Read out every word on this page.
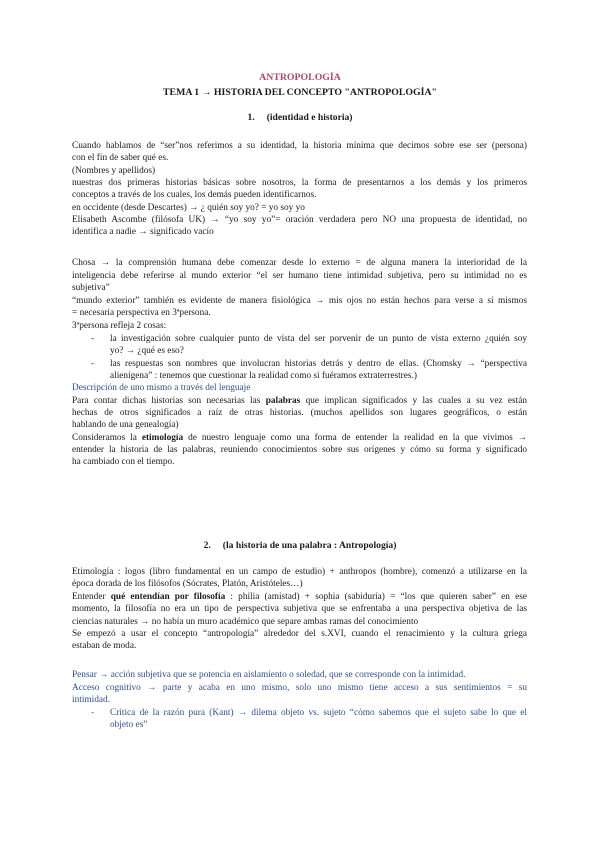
ANTROPOLOGÍA

TEMA 1 → HISTORIA DEL CONCEPTO "ANTROPOLOGÍA"

1. (identidad e historia)

Cuando hablamos de “ser”nos referimos a su identidad, la historia mínima que decimos sobre ese ser (persona)

con el fin de saber qué es.

(Nombres y apellidos)

nuestras dos primeras historias básicas sobre nosotros, la forma de presentarnos a los demás y los primeros

conceptos a través de los cuales, los demás pueden identificarnos.

en occidente (desde Descartes) → ¿ quién soy yo? = yo soy yo

Elisabeth Ascombe (filósofa UK) → “yo soy yo”= oración verdadera pero NO una propuesta de identidad, no

identifica a nadie → significado vacío

Chosa → la comprensión humana debe comenzar desde lo externo = de alguna manera la interioridad de la

inteligencia debe referirse al mundo exterior “el ser humano tiene intimidad subjetiva, pero su intimidad no es

subjetiva”

“mundo exterior” también es evidente de manera fisiológica → mis ojos no están hechos para verse a sí mismos

= necesaria perspectiva en 3ªpersona.

3ªpersona refleja 2 cosas:

- la investigación sobre cualquier punto de vista del ser porvenir de un punto de vista externo ¿quién soy

yo? → ¿qué es eso?

- las respuestas son nombres que involucran historias detrás y dentro de ellas. (Chomsky → “perspectiva

alienígena” : tenemos que cuestionar la realidad como si fuéramos extraterrestres.)

Descripción de uno mismo a través del lenguaje

Para contar dichas historias son necesarias las palabras que implican significados y las cuales a su vez están

hechas de otros significados a raíz de otras historias. (muchos apellidos son lugares geográficos, o están

hablando de una genealogía)

Consideramos la etimología de nuestro lenguaje como una forma de entender la realidad en la que vivimos →

entender la historia de las palabras, reuniendo conocimientos sobre sus orígenes y cómo su forma y significado

ha cambiado con el tiempo.

2. (la historia de una palabra : Antropología)

Etimología : logos (libro fundamental en un campo de estudio) + anthropos (hombre), comenzó a utilizarse en la

época dorada de los filósofos (Sócrates, Platón, Aristóteles…)

Entender qué entendían por filosofía : philia (amistad) + sophia (sabiduría) = “los que quieren saber” en ese

momento, la filosofía no era un tipo de perspectiva subjetiva que se enfrentaba a una perspectiva objetiva de las

ciencias naturales → no había un muro académico que separe ambas ramas del conocimiento

Se empezó a usar el concepto “antropología” alrededor del s.XVI, cuando el renacimiento y la cultura griega

estaban de moda.

Pensar → acción subjetiva que se potencia en aislamiento o soledad, que se corresponde con la intimidad.

Acceso cognitivo → parte y acaba en uno mismo, solo uno mismo tiene acceso a sus sentimientos = su

intimidad.

- Crítica de la razón pura (Kant) → dilema objeto vs. sujeto “cómo sabemos que el sujeto sabe lo que el

objeto es”
